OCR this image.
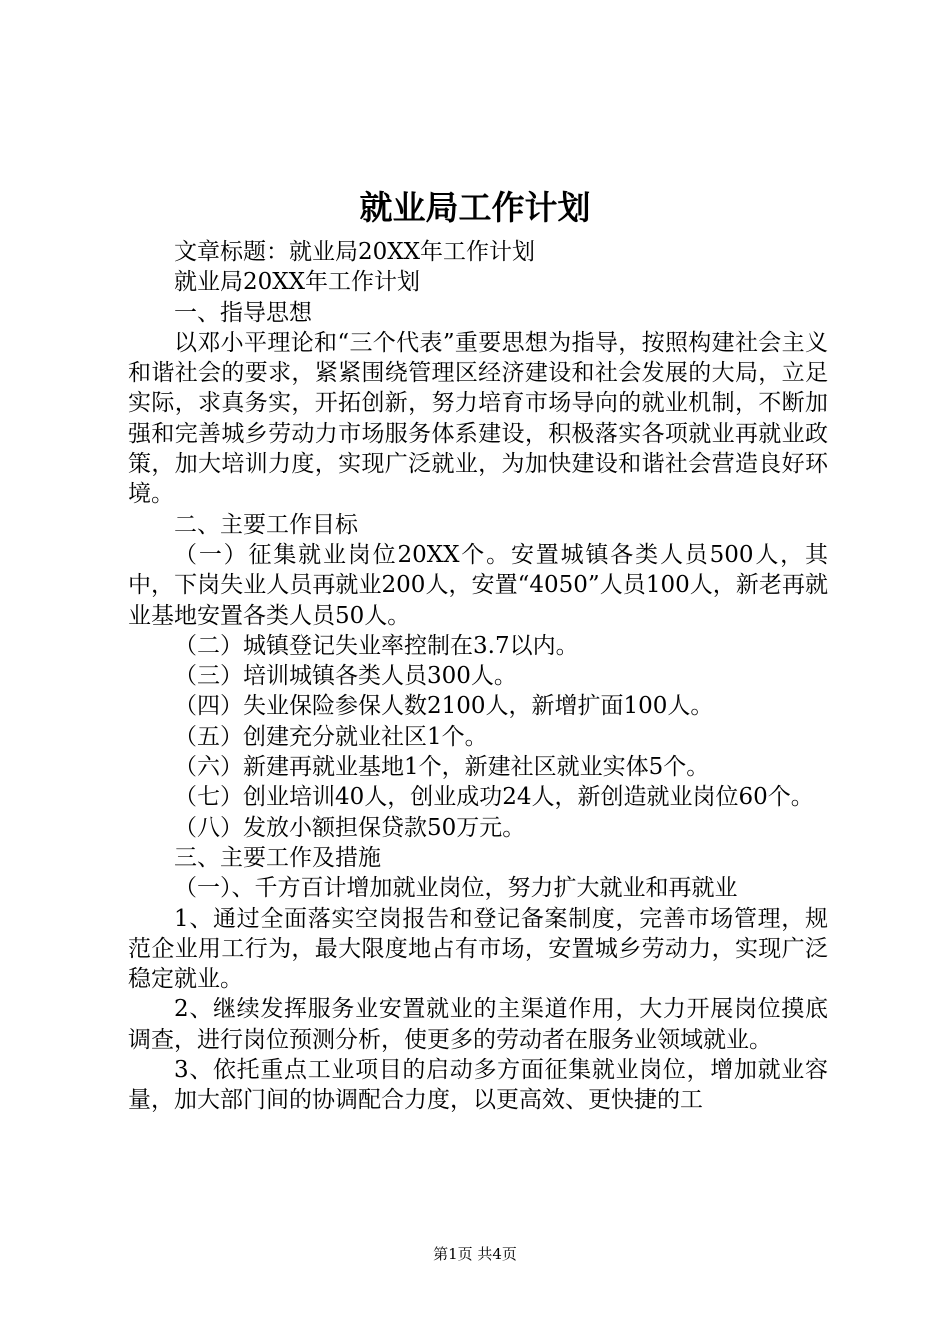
就业局工作计划

文章标题：就业局20XX年工作计划

就业局20XX年工作计划

一、指导思想

以邓小平理论和“三个代表”重要思想为指导，按照构建社会主义和谐社会的要求，紧紧围绕管理区经济建设和社会发展的大局，立足实际，求真务实，开拓创新，努力培育市场导向的就业机制，不断加强和完善城乡劳动力市场服务体系建设，积极落实各项就业再就业政策，加大培训力度，实现广泛就业，为加快建设和谐社会营造良好环境。

二、主要工作目标

（一）征集就业岗位20XX个。安置城镇各类人员500人，其中，下岗失业人员再就业200人，安置“4050”人员100人，新老再就业基地安置各类人员50人。

（二）城镇登记失业率控制在3.7以内。

（三）培训城镇各类人员300人。

（四）失业保险参保人数2100人，新增扩面100人。

（五）创建充分就业社区1个。

（六）新建再就业基地1个，新建社区就业实体5个。

（七）创业培训40人，创业成功24人，新创造就业岗位60个。

（八）发放小额担保贷款50万元。

三、主要工作及措施

（一）、千方百计增加就业岗位，努力扩大就业和再就业

1、通过全面落实空岗报告和登记备案制度，完善市场管理，规范企业用工行为，最大限度地占有市场，安置城乡劳动力，实现广泛稳定就业。

2、继续发挥服务业安置就业的主渠道作用，大力开展岗位摸底调查，进行岗位预测分析，使更多的劳动者在服务业领域就业。

3、依托重点工业项目的启动多方面征集就业岗位，增加就业容量，加大部门间的协调配合力度，以更高效、更快捷的工

第1页 共4页
